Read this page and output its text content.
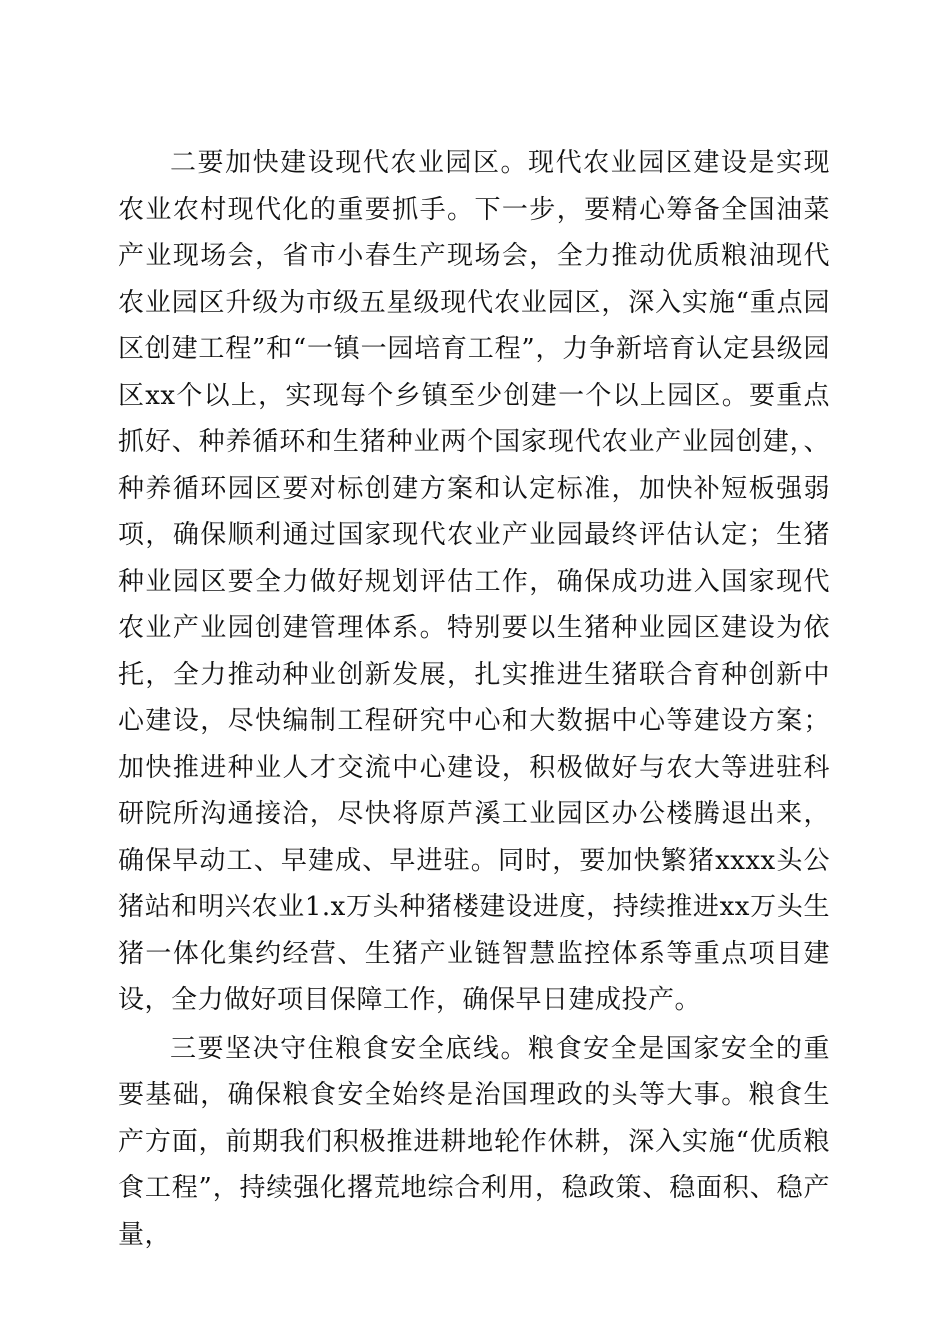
二要加快建设现代农业园区。现代农业园区建设是实现农业农村现代化的重要抓手。下一步，要精心筹备全国油菜产业现场会，省市小春生产现场会，全力推动优质粮油现代农业园区升级为市级五星级现代农业园区，深入实施“重点园区创建工程”和“一镇一园培育工程”，力争新培育认定县级园区xx个以上，实现每个乡镇至少创建一个以上园区。要重点抓好、种养循环和生猪种业两个国家现代农业产业园创建，、种养循环园区要对标创建方案和认定标准，加快补短板强弱项，确保顺利通过国家现代农业产业园最终评估认定；生猪种业园区要全力做好规划评估工作，确保成功进入国家现代农业产业园创建管理体系。特别要以生猪种业园区建设为依托，全力推动种业创新发展，扎实推进生猪联合育种创新中心建设，尽快编制工程研究中心和大数据中心等建设方案；加快推进种业人才交流中心建设，积极做好与农大等进驻科研院所沟通接洽，尽快将原芦溪工业园区办公楼腾退出来，确保早动工、早建成、早进驻。同时，要加快繁猪xxxx头公猪站和明兴农业1.x万头种猪楼建设进度，持续推进xx万头生猪一体化集约经营、生猪产业链智慧监控体系等重点项目建设，全力做好项目保障工作，确保早日建成投产。

三要坚决守住粮食安全底线。粮食安全是国家安全的重要基础，确保粮食安全始终是治国理政的头等大事。粮食生产方面，前期我们积极推进耕地轮作休耕，深入实施“优质粮食工程”，持续强化撂荒地综合利用，稳政策、稳面积、稳产量，
